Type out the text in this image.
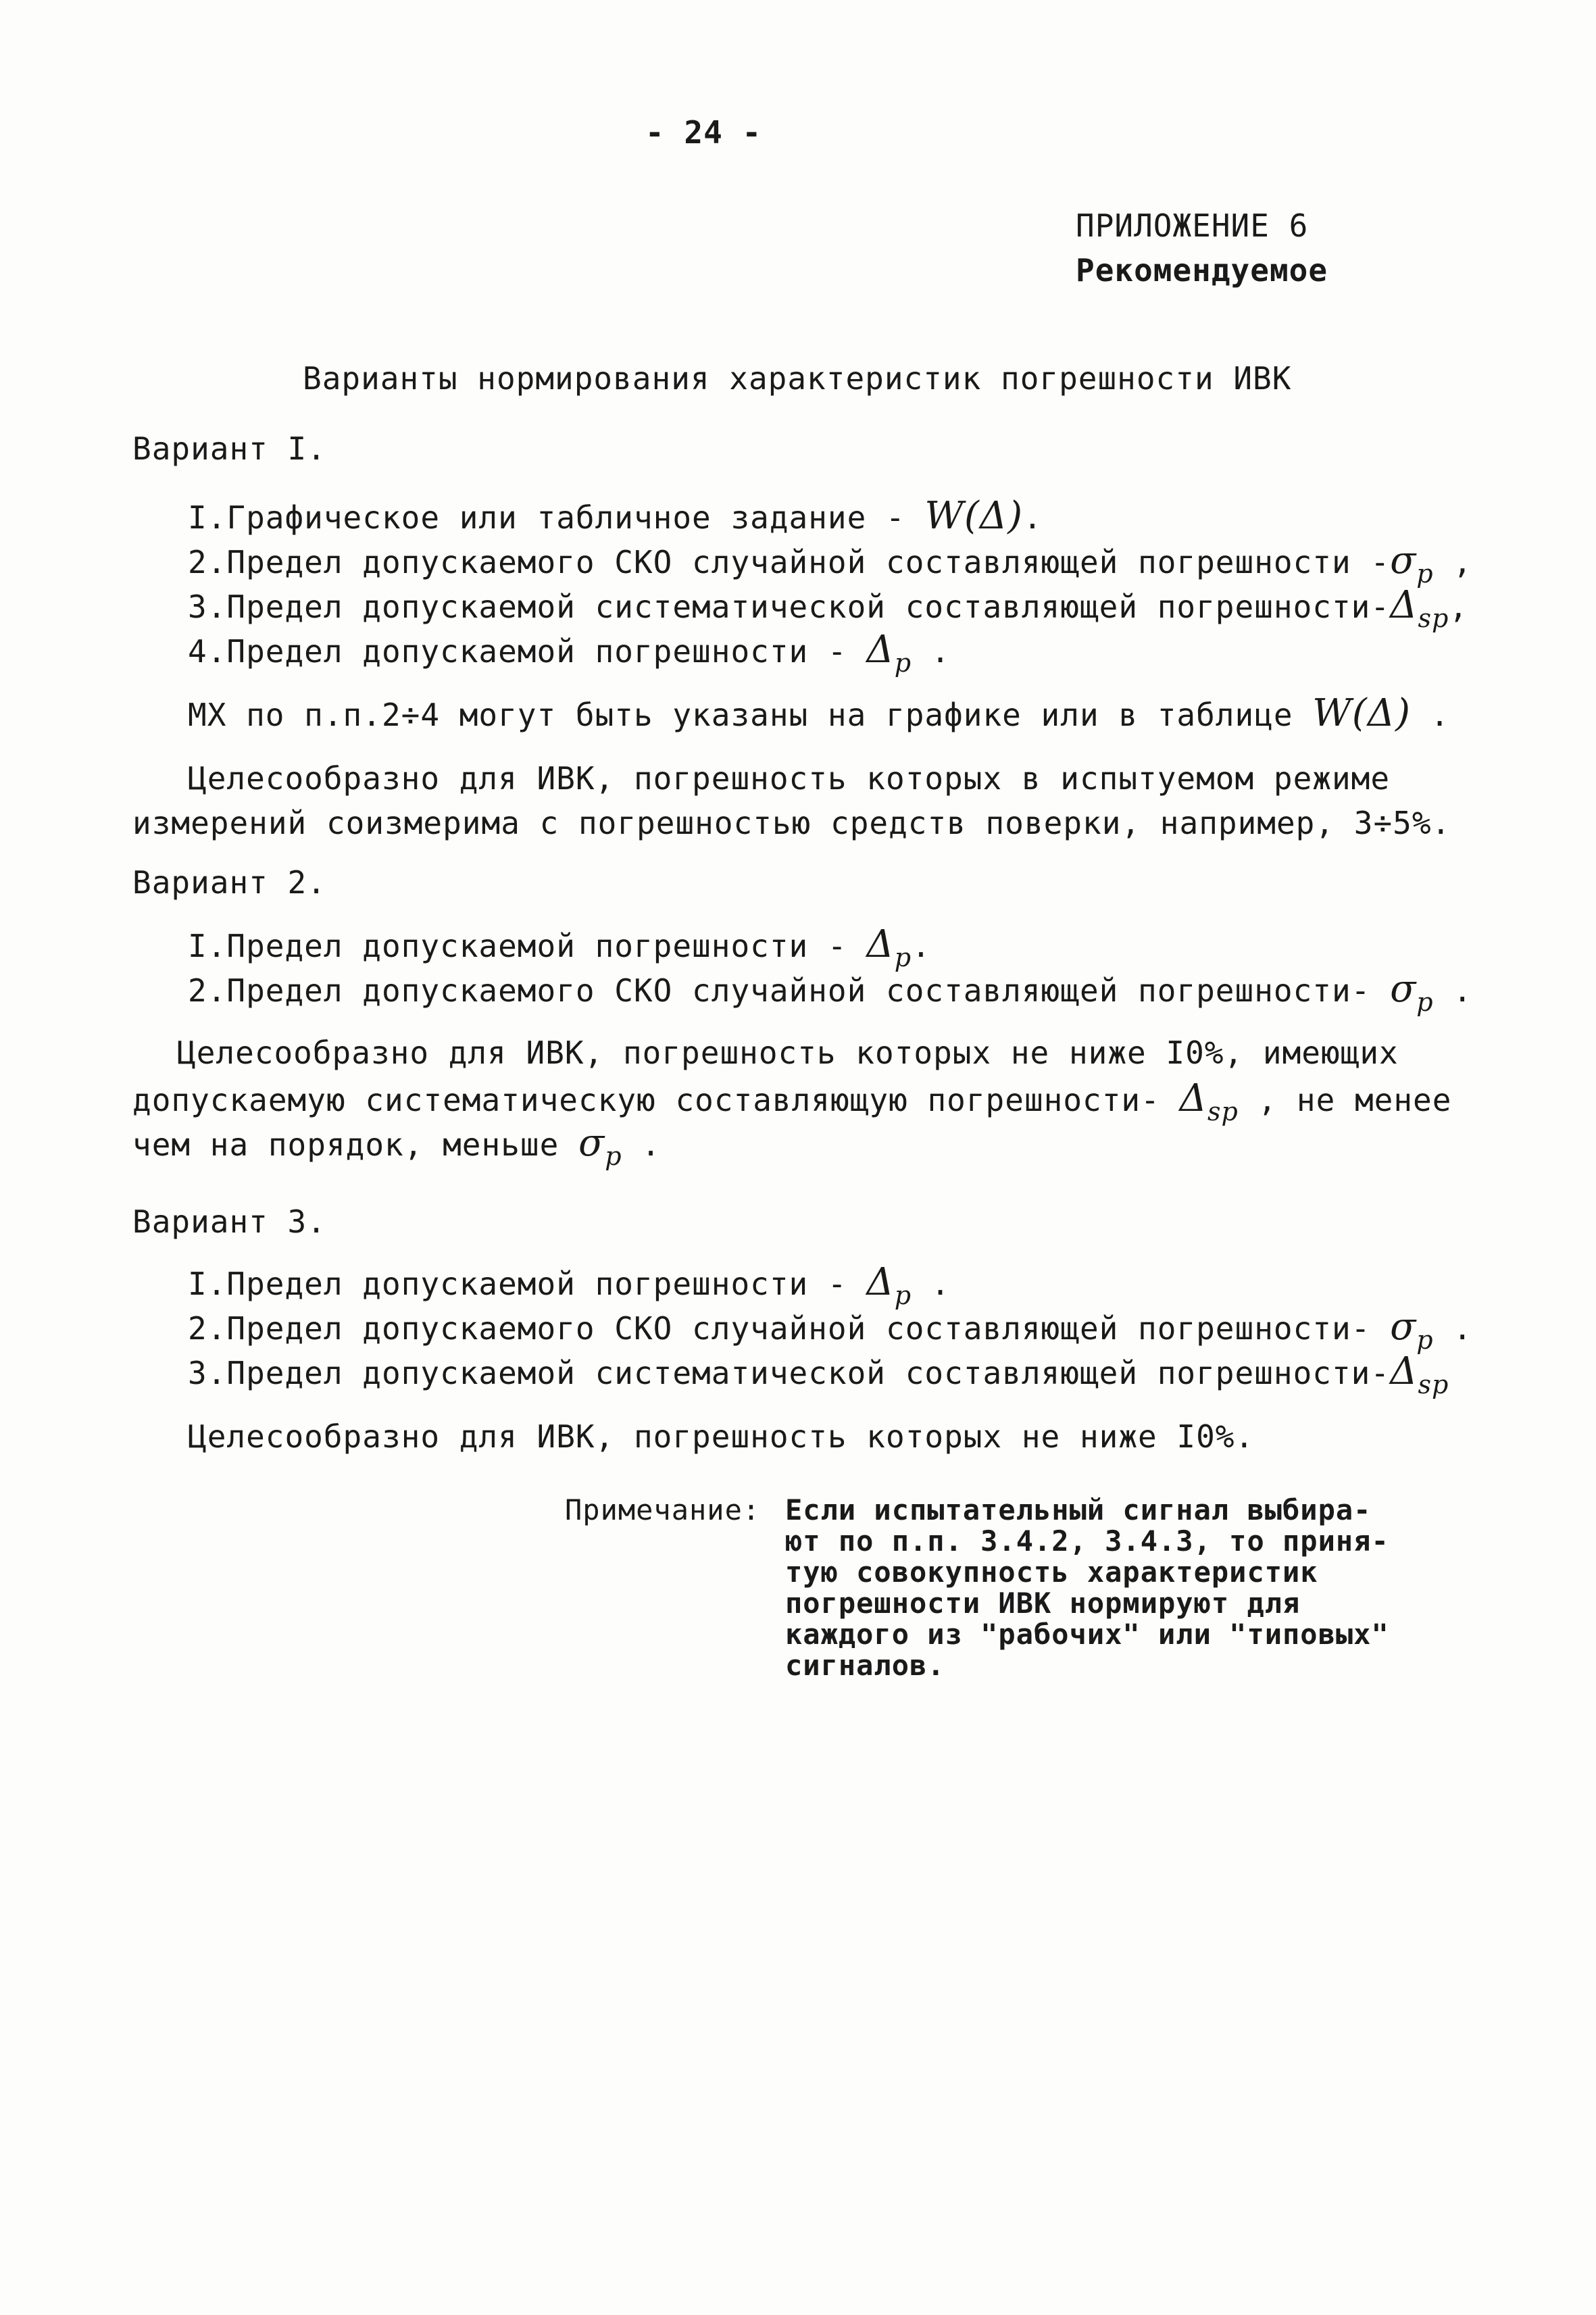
- 24 -
ПРИЛОЖЕНИЕ 6
Рекомендуемое
Варианты нормирования характеристик погрешности ИВК
Вариант I.
I.Графическое или табличное задание - W(Δ).
2.Предел допускаемого СКО случайной составляющей погрешности $-\sigma_p$ ,
3.Предел допускаемой систематической составляющей погрешности-$\Delta_{sp}$,
4.Предел допускаемой погрешности - $\Delta_p$ .
МХ по п.п.2÷4 могут быть указаны на графике или в таблице W(Δ) .
Целесообразно для ИВК, погрешность которых в испытуемом режиме
измерений соизмерима с погрешностью средств поверки, например, 3÷5%.
Вариант 2.
I.Предел допускаемой погрешности - $\Delta_p$.
2.Предел допускаемого СКО случайной составляющей погрешности- $\sigma_p$ .
Целесообразно для ИВК, погрешность которых не ниже I0%, имеющих
допускаемую систематическую составляющую погрешности- $\Delta_{sp}$ , не менее
чем на порядок, меньше $\sigma_p$ .
Вариант 3.
I.Предел допускаемой погрешности - $\Delta_p$ .
2.Предел допускаемого СКО случайной составляющей погрешности- $\sigma_p$ .
3.Предел допускаемой систематической составляющей погрешности-$\Delta_{sp}$
Целесообразно для ИВК, погрешность которых не ниже I0%.
Примечание: Если испытательный сигнал выбира-
ют по п.п. 3.4.2, 3.4.3, то приня-
тую совокупность характеристик
погрешности ИВК нормируют для
каждого из "рабочих" или "типовых"
сигналов.
